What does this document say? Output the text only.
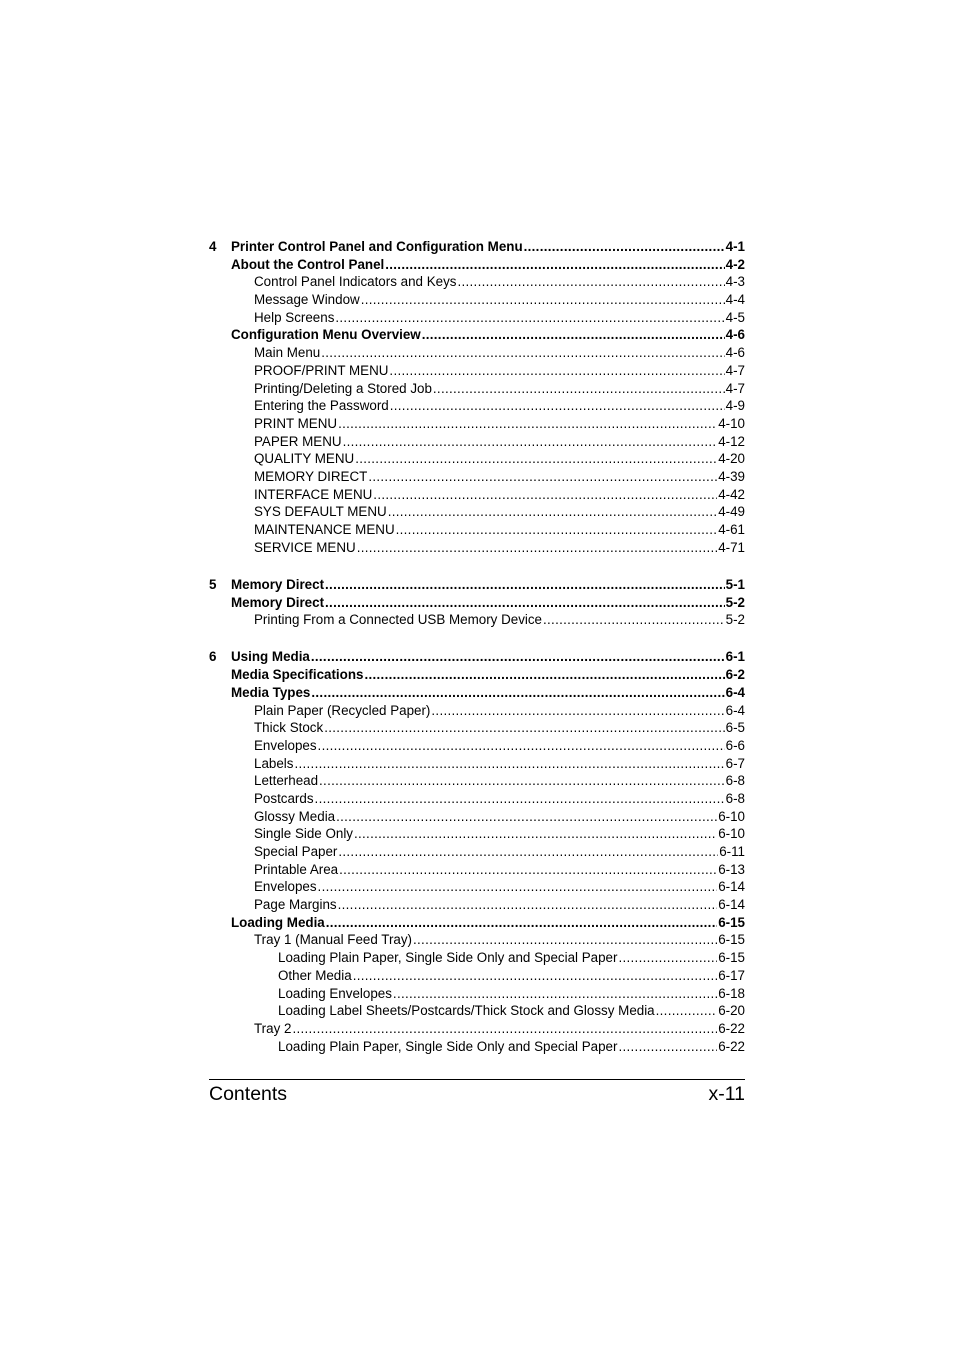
4	Printer Control Panel and Configuration Menu .....	4-1
About the Control Panel .....	4-2
Control Panel Indicators and Keys .....	4-3
Message Window .....	4-4
Help Screens .....	4-5
Configuration Menu Overview .....	4-6
Main Menu .....	4-6
PROOF/PRINT MENU .....	4-7
Printing/Deleting a Stored Job .....	4-7
Entering the Password .....	4-9
PRINT MENU .....	4-10
PAPER MENU .....	4-12
QUALITY MENU .....	4-20
MEMORY DIRECT .....	4-39
INTERFACE MENU .....	4-42
SYS DEFAULT MENU .....	4-49
MAINTENANCE MENU .....	4-61
SERVICE MENU .....	4-71
5	Memory Direct .....	5-1
Memory Direct .....	5-2
Printing From a Connected USB Memory Device .....	5-2
6	Using Media .....	6-1
Media Specifications .....	6-2
Media Types .....	6-4
Plain Paper (Recycled Paper) .....	6-4
Thick Stock .....	6-5
Envelopes .....	6-6
Labels .....	6-7
Letterhead .....	6-8
Postcards .....	6-8
Glossy Media .....	6-10
Single Side Only .....	6-10
Special Paper .....	6-11
Printable Area .....	6-13
Envelopes .....	6-14
Page Margins .....	6-14
Loading Media .....	6-15
Tray 1 (Manual Feed Tray) .....	6-15
Loading Plain Paper, Single Side Only and Special Paper .....	6-15
Other Media .....	6-17
Loading Envelopes .....	6-18
Loading Label Sheets/Postcards/Thick Stock and Glossy Media .....	6-20
Tray 2 .....	6-22
Loading Plain Paper, Single Side Only and Special Paper .....	6-22
Contents	x-11
